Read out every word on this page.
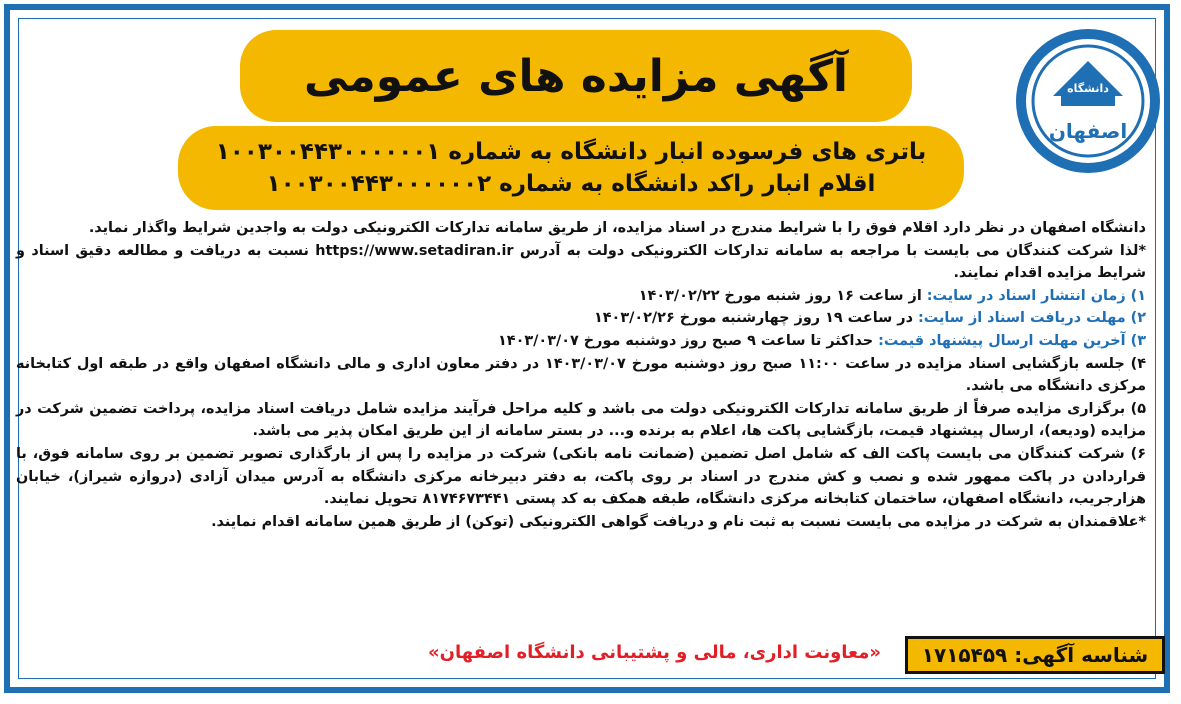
دانشگاه
اصفهان
آگهی مزایده های عمومی
باتری های فرسوده انبار دانشگاه به شماره ۱۰۰۳۰۰۴۴۳۰۰۰۰۰۰۱
اقلام انبار راکد دانشگاه به شماره ۱۰۰۳۰۰۴۴۳۰۰۰۰۰۰۲

دانشگاه اصفهان در نظر دارد اقلام فوق را با شرایط مندرج در اسناد مزایده، از طریق سامانه تدارکات الکترونیکی دولت به واجدین شرایط واگذار نماید.

*لذا شرکت کنندگان می بایست با مراجعه به سامانه تدارکات الکترونیکی دولت به آدرس https://www.setadiran.ir نسبت به دریافت و مطالعه دقیق اسناد و شرایط مزایده اقدام نمایند.

۱) زمان انتشار اسناد در سایت: از ساعت ۱۶ روز شنبه مورخ ۱۴۰۳/۰۲/۲۲

۲) مهلت دریافت اسناد از سایت: در ساعت ۱۹ روز چهارشنبه مورخ ۱۴۰۳/۰۲/۲۶

۳) آخرین مهلت ارسال پیشنهاد قیمت: حداکثر تا ساعت ۹ صبح روز دوشنبه مورخ ۱۴۰۳/۰۳/۰۷

۴) جلسه بازگشایی اسناد مزایده در ساعت ۱۱:۰۰ صبح روز دوشنبه مورخ ۱۴۰۳/۰۳/۰۷ در دفتر معاون اداری و مالی دانشگاه اصفهان واقع در طبقه اول کتابخانه مرکزی دانشگاه می باشد.

۵) برگزاری مزایده صرفاً از طریق سامانه تدارکات الکترونیکی دولت می باشد و کلیه مراحل فرآیند مزایده شامل دریافت اسناد مزایده، پرداخت تضمین شرکت در مزایده (ودیعه)، ارسال پیشنهاد قیمت، بازگشایی پاکت ها، اعلام به برنده و... در بستر سامانه از این طریق امکان پذیر می باشد.

۶) شرکت کنندگان می بایست پاکت الف که شامل اصل تضمین (ضمانت نامه بانکی) شرکت در مزایده را پس از بارگذاری تصویر تضمین بر روی سامانه فوق، با قراردادن در پاکت ممهور شده و نصب و کش مندرج در اسناد بر روی پاکت، به دفتر دبیرخانه مرکزی دانشگاه به آدرس میدان آزادی (دروازه شیراز)، خیابان هزارجریب، دانشگاه اصفهان، ساختمان کتابخانه مرکزی دانشگاه، طبقه همکف به کد پستی ۸۱۷۴۶۷۳۴۴۱ تحویل نمایند.

*علاقمندان به شرکت در مزایده می بایست نسبت به ثبت نام و دریافت گواهی الکترونیکی (توکن) از طریق همین سامانه اقدام نمایند.

شناسه آگهی: ۱۷۱۵۴۵۹
«معاونت اداری، مالی و پشتیبانی دانشگاه اصفهان»
